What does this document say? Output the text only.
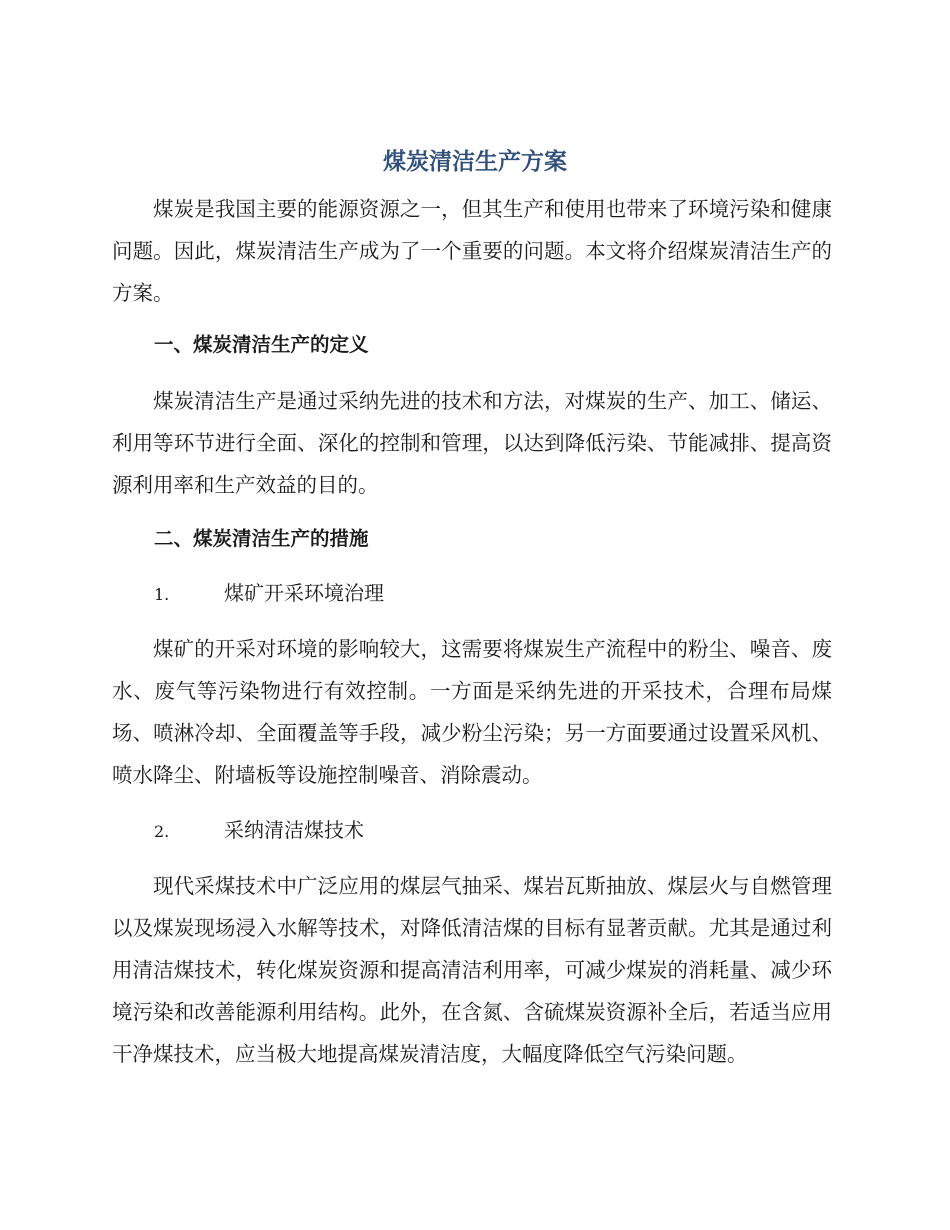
煤炭清洁生产方案

煤炭是我国主要的能源资源之一，但其生产和使用也带来了环境污染和健康问题。因此，煤炭清洁生产成为了一个重要的问题。本文将介绍煤炭清洁生产的方案。

一、煤炭清洁生产的定义

煤炭清洁生产是通过采纳先进的技术和方法，对煤炭的生产、加工、储运、利用等环节进行全面、深化的控制和管理，以达到降低污染、节能减排、提高资源利用率和生产效益的目的。

二、煤炭清洁生产的措施

1.	煤矿开采环境治理

煤矿的开采对环境的影响较大，这需要将煤炭生产流程中的粉尘、噪音、废水、废气等污染物进行有效控制。一方面是采纳先进的开采技术，合理布局煤场、喷淋冷却、全面覆盖等手段，减少粉尘污染；另一方面要通过设置采风机、喷水降尘、附墙板等设施控制噪音、消除震动。

2.	采纳清洁煤技术

现代采煤技术中广泛应用的煤层气抽采、煤岩瓦斯抽放、煤层火与自燃管理以及煤炭现场浸入水解等技术，对降低清洁煤的目标有显著贡献。尤其是通过利用清洁煤技术，转化煤炭资源和提高清洁利用率，可减少煤炭的消耗量、减少环境污染和改善能源利用结构。此外，在含氮、含硫煤炭资源补全后，若适当应用干净煤技术，应当极大地提高煤炭清洁度，大幅度降低空气污染问题。
